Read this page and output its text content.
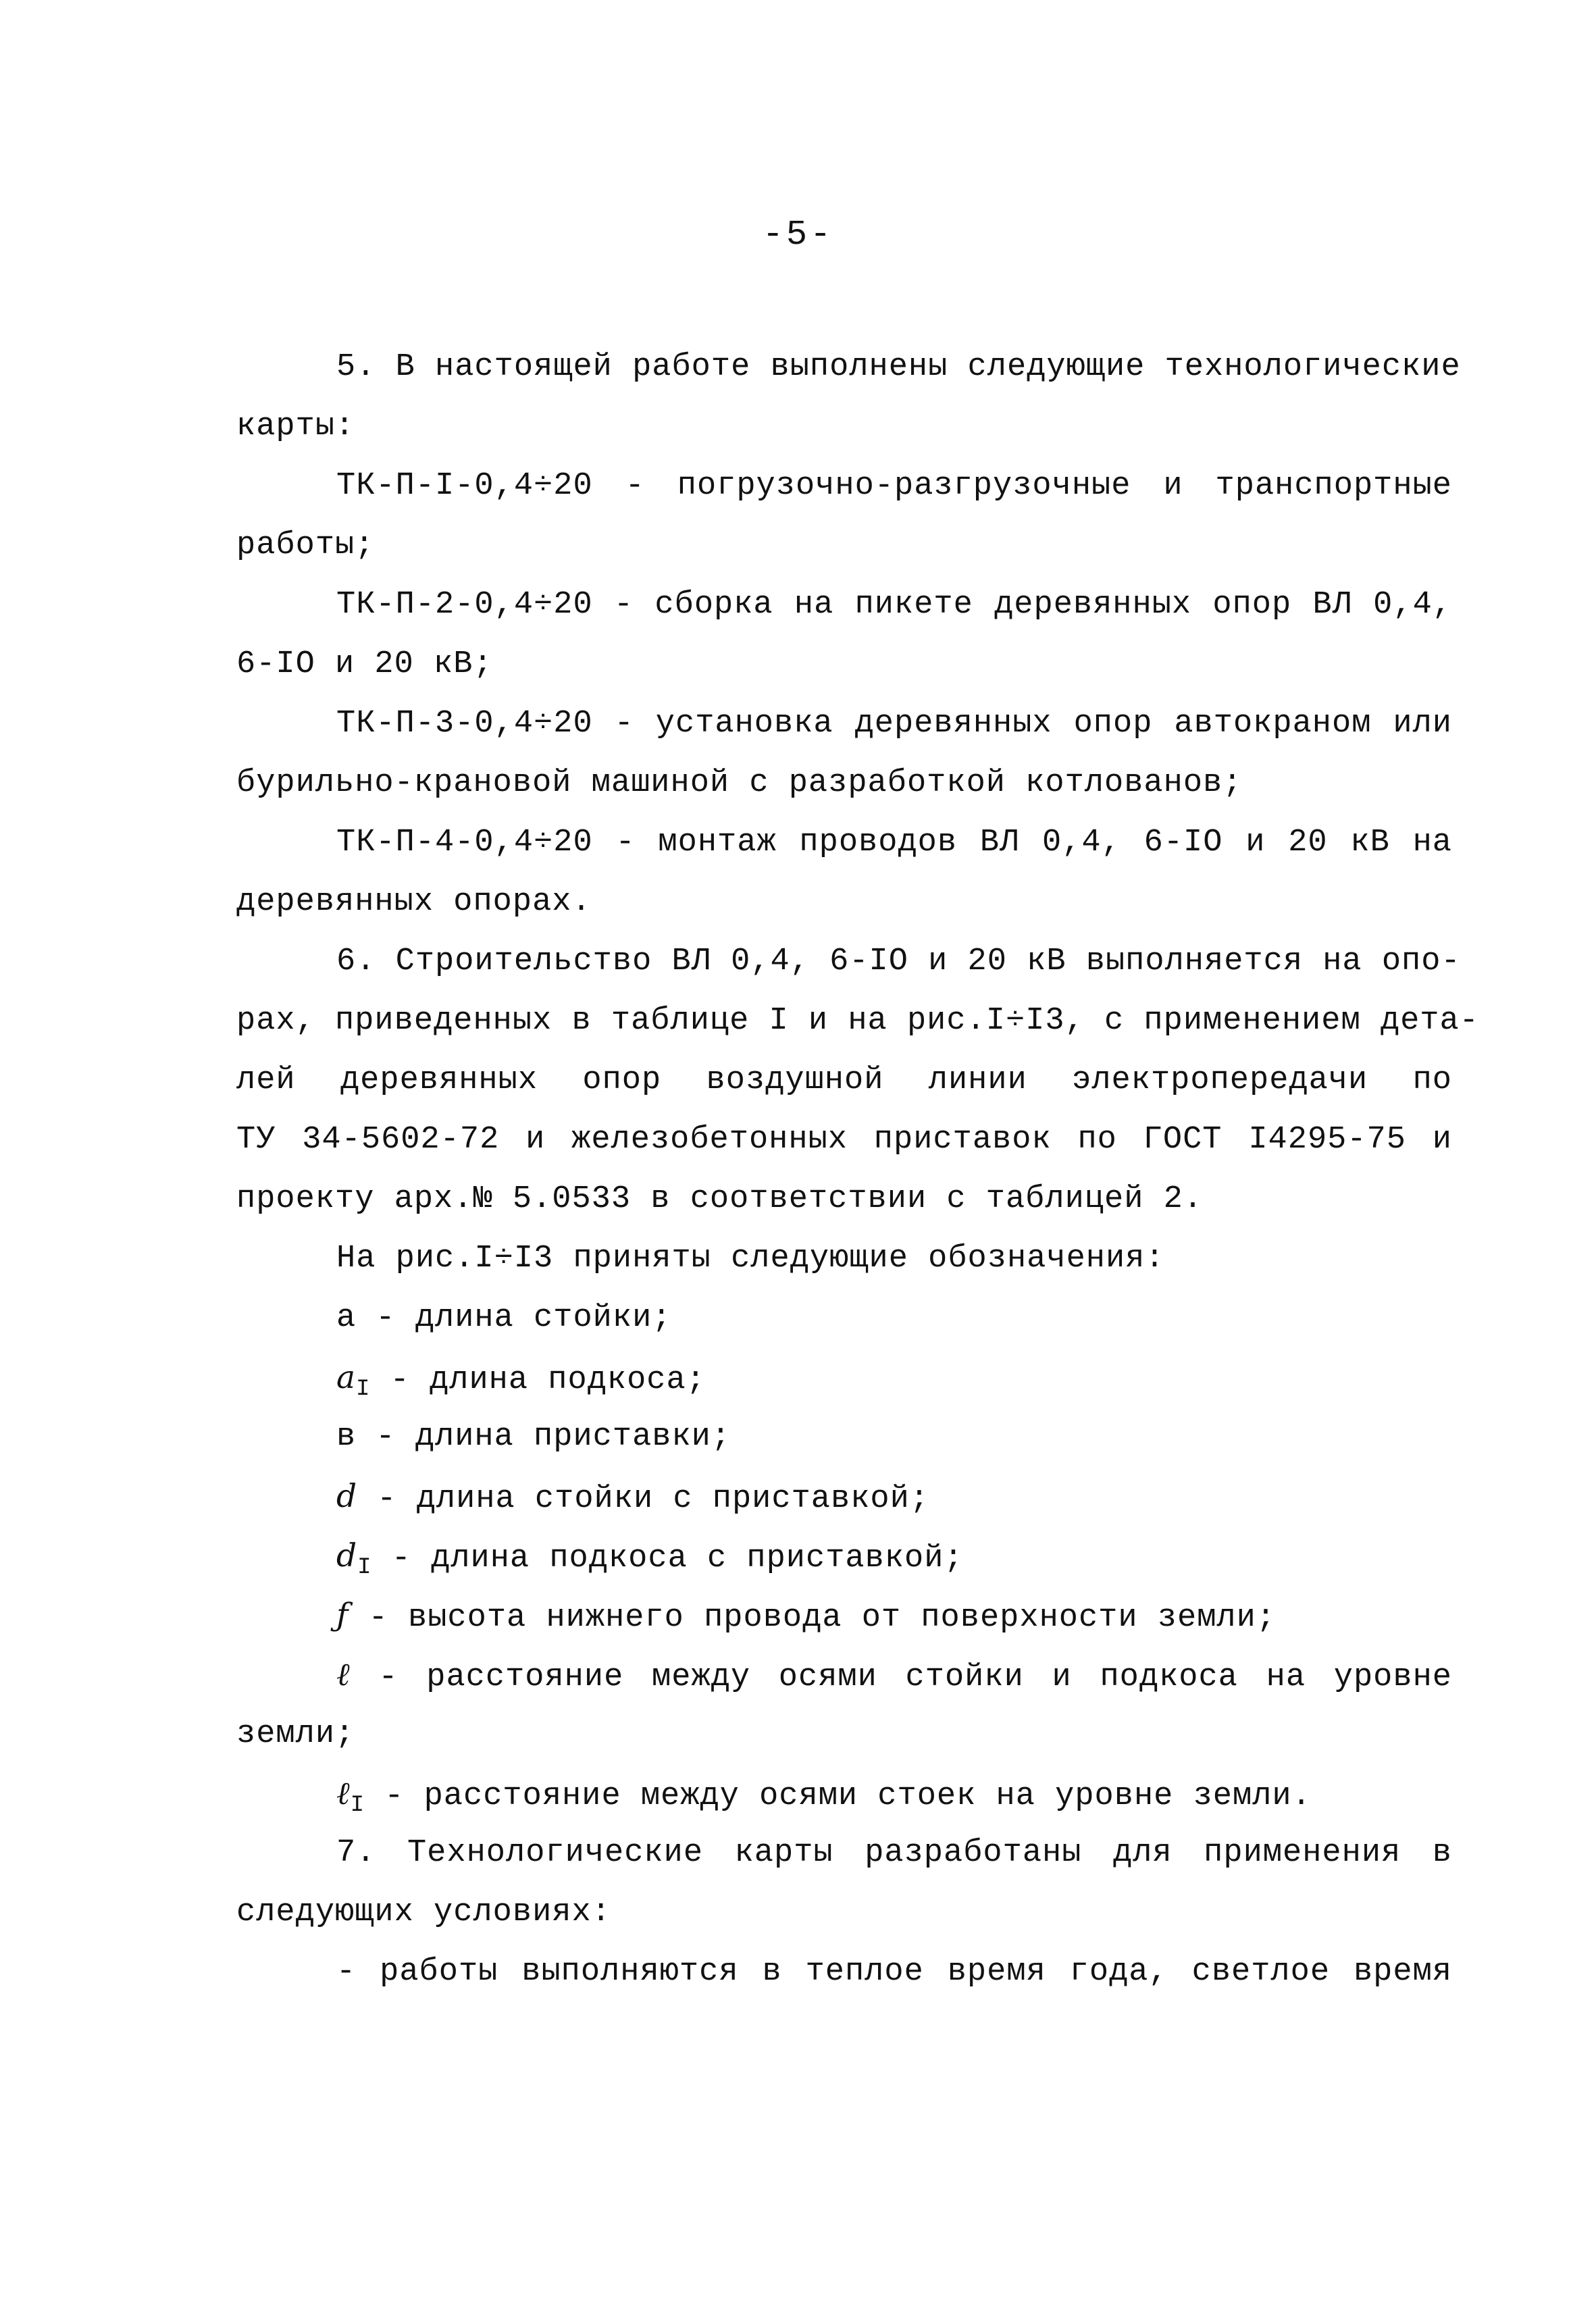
-5-
5. В настоящей работе выполнены следующие технологические
карты:
ТК-П-I-0,4÷20 - погрузочно-разгрузочные и транспортные
работы;
ТК-П-2-0,4÷20 - сборка на пикете деревянных опор ВЛ 0,4,
6-IO и 20 кВ;
ТК-П-3-0,4÷20 - установка деревянных опор автокраном или
бурильно-крановой машиной с разработкой котлованов;
ТК-П-4-0,4÷20 - монтаж проводов ВЛ 0,4, 6-IO и 20 кВ на
деревянных опорах.
6. Строительство ВЛ 0,4, 6-IO и 20 кВ выполняется на опо-
рах, приведенных в таблице I и на рис.I÷I3, с применением дета-
лей деревянных опор воздушной линии электропередачи по
ТУ 34-5602-72 и железобетонных приставок по ГОСТ I4295-75 и
проекту арх.№ 5.0533 в соответствии с таблицей 2.
На рис.I÷I3 приняты следующие обозначения:
а - длина стойки;
$а_I$ - длина подкоса;
в - длина приставки;
d - длина стойки с приставкой;
$d_I$ - длина подкоса с приставкой;
ƒ - высота нижнего провода от поверхности земли;
ℓ - расстояние между осями стойки и подкоса на уровне
земли;
ℓ$_I$ - расстояние между осями стоек на уровне земли.
7. Технологические карты разработаны для применения в
следующих условиях:
- работы выполняются в теплое время года, светлое время
